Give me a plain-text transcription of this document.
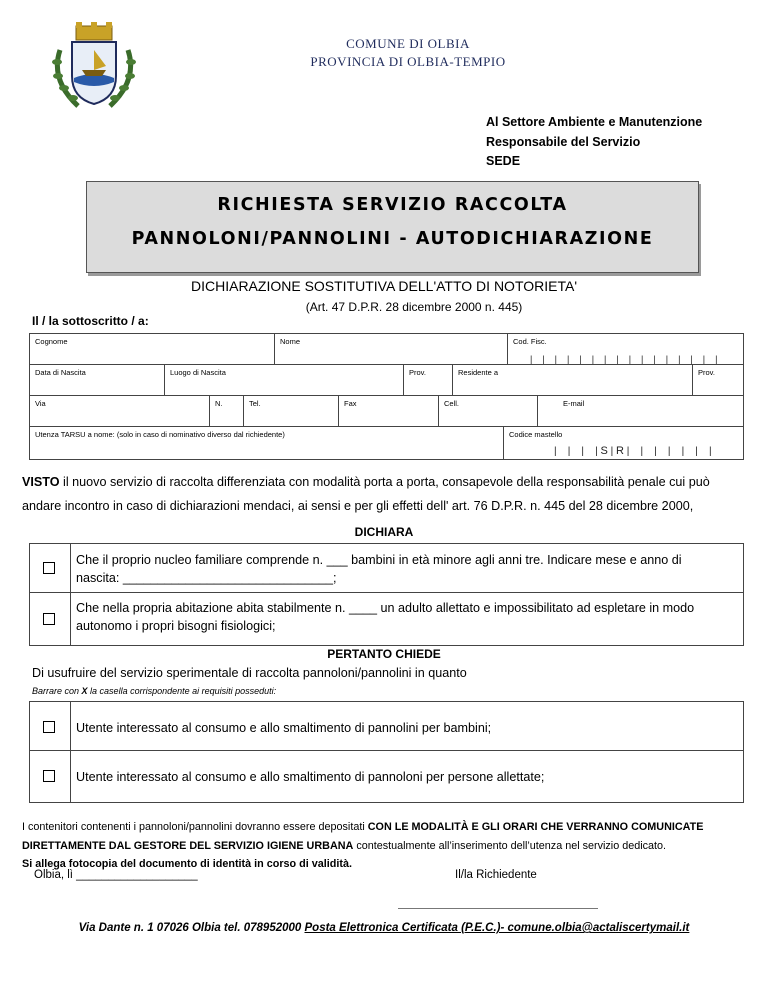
COMUNE DI OLBIA
PROVINCIA DI OLBIA-TEMPIO
Al Settore Ambiente e Manutenzione
Responsabile del Servizio
SEDE
RICHIESTA SERVIZIO RACCOLTA
PANNOLONI/PANNOLINI - AUTODICHIARAZIONE
DICHIARAZIONE SOSTITUTIVA DELL'ATTO DI NOTORIETA'
(Art. 47 D.P.R. 28 dicembre 2000 n. 445)
Il / la sottoscritto / a:
Cognome	Nome	Cod. Fisc.
|    |    |    |    |    |    |    |    |    |    |    |    |    |    |    |
Data di Nascita	Luogo di Nascita	Prov.	Residente a	Prov.
Via	N.	Tel.	Fax	Cell.	E-mail
Utenza TARSU a nome: (solo in caso di nominativo diverso dal richiedente)	Codice mastello
|    |    |    | S | R |    |    |    |    |    |    |
VISTO il nuovo servizio di raccolta differenziata con modalità porta a porta, consapevole della responsabilità penale cui può andare incontro in caso di dichiarazioni mendaci, ai sensi e per gli effetti dell' art. 76 D.P.R. n. 445 del 28 dicembre 2000,
DICHIARA
Che il proprio nucleo familiare comprende n. ___ bambini in età minore agli anni tre. Indicare mese e anno di nascita: ______________________________;
Che nella propria abitazione abita stabilmente n. ____ un adulto allettato e impossibilitato ad espletare in modo autonomo i propri bisogni fisiologici;
PERTANTO CHIEDE
Di usufruire del servizio sperimentale di raccolta pannoloni/pannolini in quanto
Barrare con X la casella corrispondente ai requisiti posseduti:
Utente interessato al consumo e allo smaltimento di pannolini per bambini;
Utente interessato al consumo e allo smaltimento di pannoloni per persone allettate;
I contenitori contenenti i pannoloni/pannolini dovranno essere depositati CON LE MODALITÀ E GLI ORARI CHE VERRANNO COMUNICATE
DIRETTAMENTE DAL GESTORE DEL SERVIZIO IGIENE URBANA contestualmente all’inserimento dell’utenza nel servizio dedicato.
Si allega fotocopia del documento di identità in corso di validità.
Olbia, lì ___________________	Il/la Richiedente
Via Dante n. 1 07026 Olbia tel. 078952000 Posta Elettronica Certificata (P.E.C.)- comune.olbia@actaliscertymail.it
